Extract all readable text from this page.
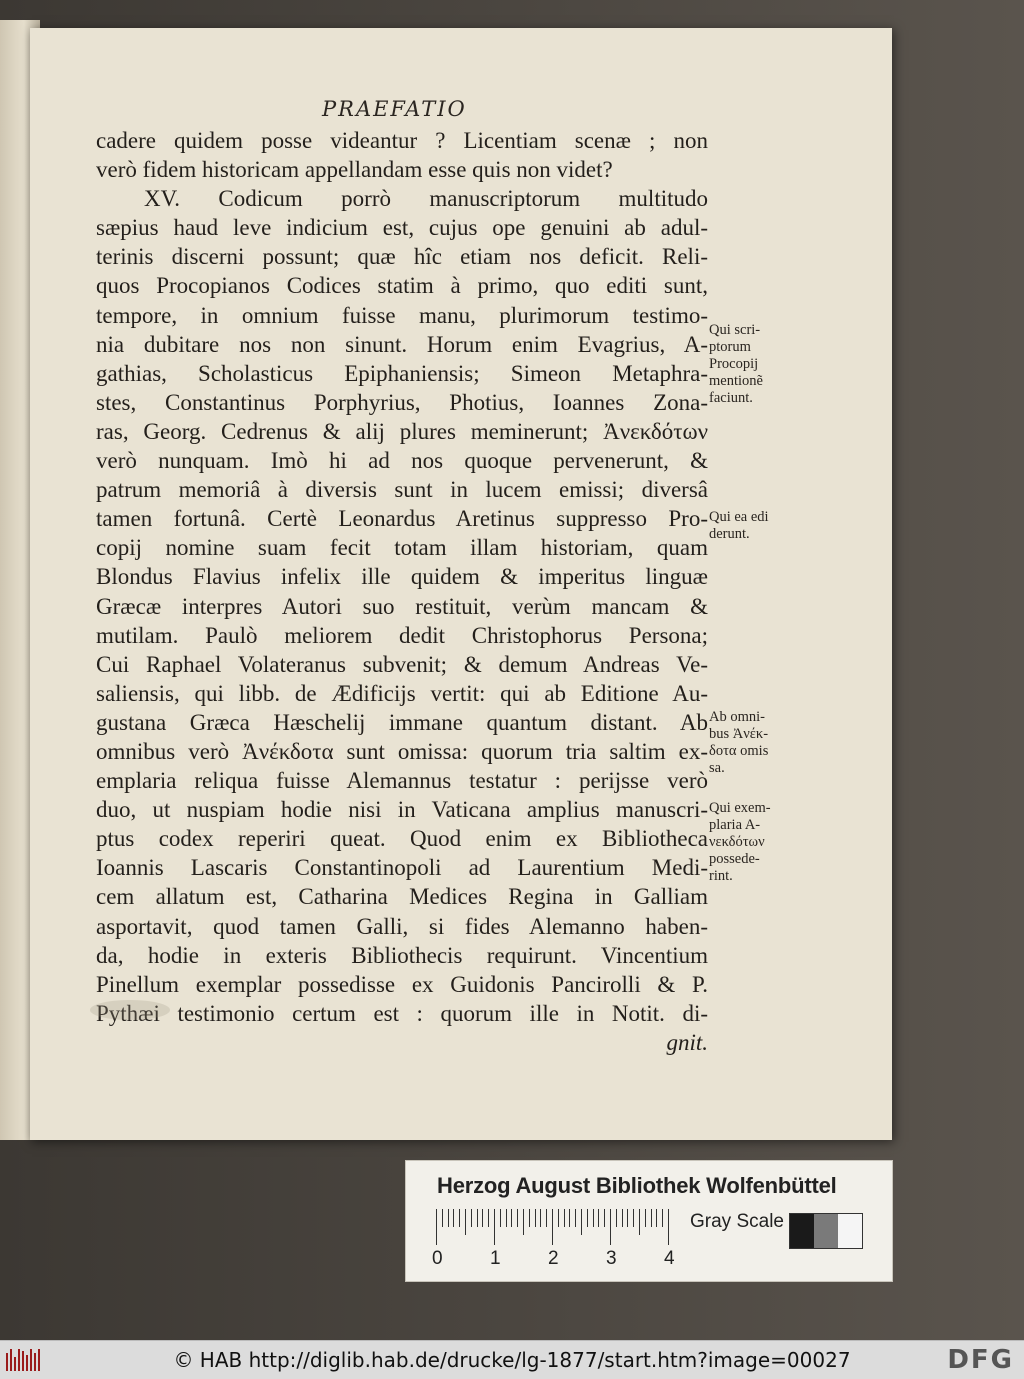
PRAEFATIO
cadere quidem posse videantur ? Licentiam scenæ ; non
verò fidem historicam appellandam esse quis non videt?
XV. Codicum porrò manuscriptorum multitudo
sæpius haud leve indicium est, cujus ope genuini ab adul-
terinis discerni possunt; quæ hîc etiam nos deficit. Reli-
quos Procopianos Codices statim à primo, quo editi sunt,
tempore, in omnium fuisse manu, plurimorum testimo-
nia dubitare nos non sinunt. Horum enim Evagrius, A-
gathias, Scholasticus Epiphaniensis; Simeon Metaphra-
stes, Constantinus Porphyrius, Photius, Ioannes Zona-
ras, Georg. Cedrenus & alij plures meminerunt; Ἀνεκδότων
verò nunquam. Imò hi ad nos quoque pervenerunt, &
patrum memoriâ à diversis sunt in lucem emissi; diversâ
tamen fortunâ. Certè Leonardus Aretinus suppresso Pro-
copij nomine suam fecit totam illam historiam, quam
Blondus Flavius infelix ille quidem & imperitus linguæ
Græcæ interpres Autori suo restituit, verùm mancam &
mutilam. Paulò meliorem dedit Christophorus Persona;
Cui Raphael Volateranus subvenit; & demum Andreas Ve-
saliensis, qui libb. de Ædificijs vertit: qui ab Editione Au-
gustana Græca Hæschelij immane quantum distant. Ab
omnibus verò Ἀνέκδοτα sunt omissa: quorum tria saltim ex-
emplaria reliqua fuisse Alemannus testatur : perijsse verò
duo, ut nuspiam hodie nisi in Vaticana amplius manuscri-
ptus codex reperiri queat. Quod enim ex Bibliotheca
Ioannis Lascaris Constantinopoli ad Laurentium Medi-
cem allatum est, Catharina Medices Regina in Galliam
asportavit, quod tamen Galli, si fides Alemanno haben-
da, hodie in exteris Bibliothecis requirunt. Vincentium
Pinellum exemplar possedisse ex Guidonis Pancirolli & P.
Pythæi testimonio certum est : quorum ille in Notit. di-
gnit.
Qui scri-
ptorum
Procopij
mentionẽ
faciunt.
Qui ea edi
derunt.
Ab omni-
bus Ἀνέκ-
δοτα omis
sa.
Qui exem-
plaria A-
νεκδότων
possede-
rint.
Herzog August Bibliothek Wolfenbüttel
0 1 2 3 4
Gray Scale
© HAB http://diglib.hab.de/drucke/lg-1877/start.htm?image=00027	DFG
